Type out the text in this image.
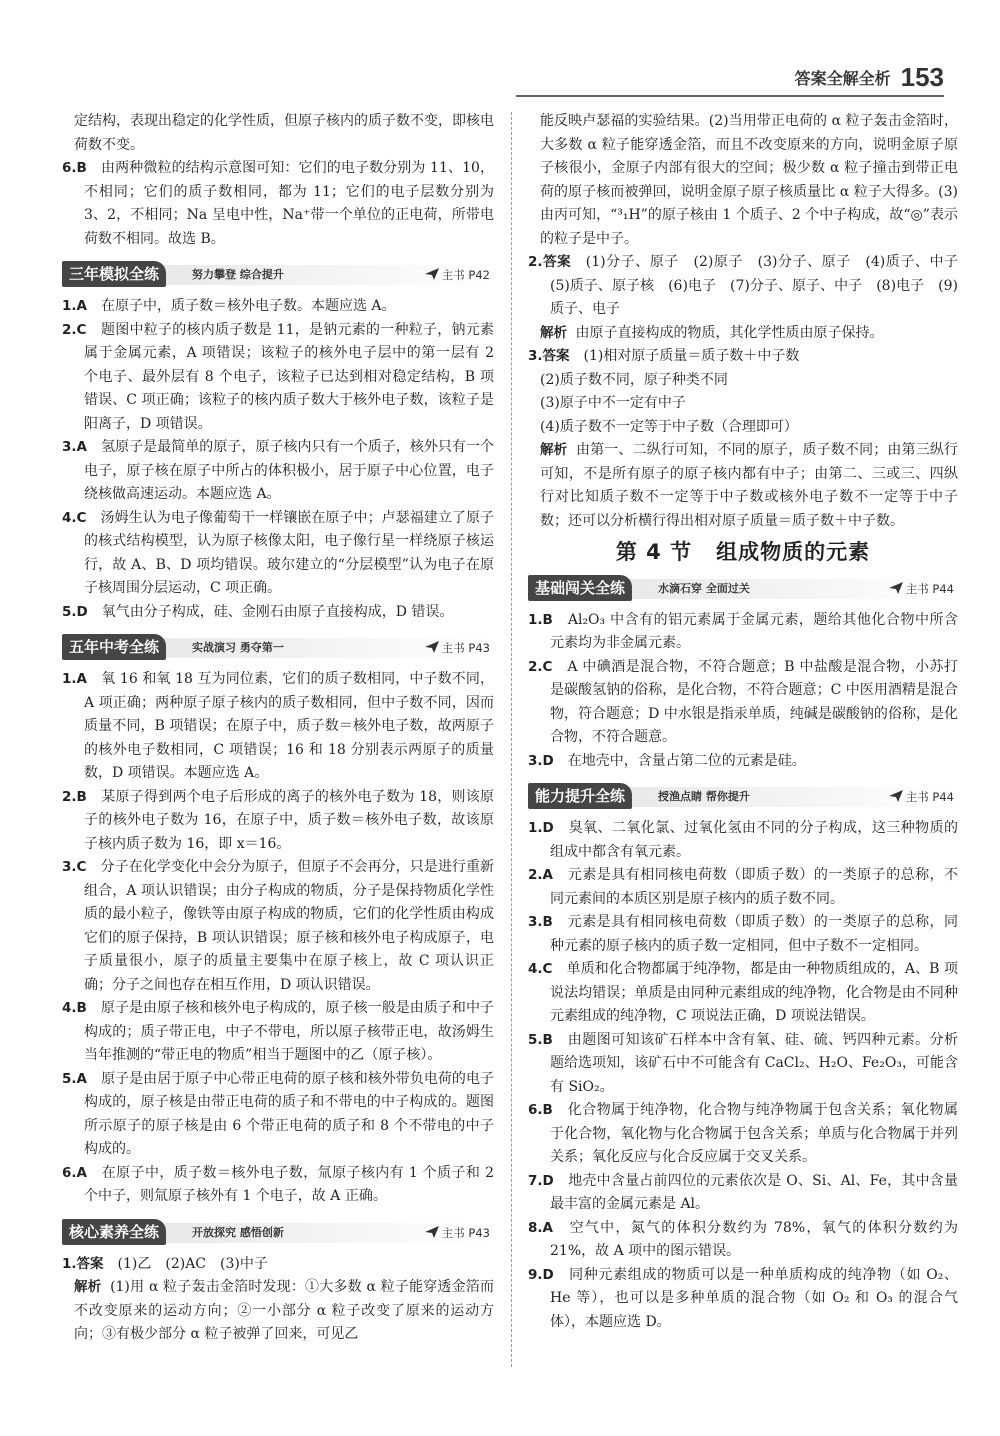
答案全解全析 153

定结构，表现出稳定的化学性质，但原子核内的质子数不变，即核电荷数不变。

6.B　 由两种微粒的结构示意图可知：它们的电子数分别为 11、10，不相同；它们的质子数相同，都为 11；它们的电子层数分别为 3、2，不相同；Na 呈电中性，Na⁺带一个单位的正电荷，所带电荷数不相同。故选 B。

三年模拟全练	努力攀登 综合提升	主书 P42

1.A　 在原子中，质子数＝核外电子数。本题应选 A。

2.C　 题图中粒子的核内质子数是 11，是钠元素的一种粒子，钠元素属于金属元素，A 项错误；该粒子的核外电子层中的第一层有 2 个电子、最外层有 8 个电子，该粒子已达到相对稳定结构，B 项错误、C 项正确；该粒子的核内质子数大于核外电子数，该粒子是阳离子，D 项错误。

3.A　 氢原子是最简单的原子，原子核内只有一个质子，核外只有一个电子，原子核在原子中所占的体积极小，居于原子中心位置，电子绕核做高速运动。本题应选 A。

4.C　 汤姆生认为电子像葡萄干一样镶嵌在原子中；卢瑟福建立了原子的核式结构模型，认为原子核像太阳，电子像行星一样绕原子核运行，故 A、B、D 项均错误。玻尔建立的“分层模型”认为电子在原子核周围分层运动，C 项正确。

5.D　 氧气由分子构成，硅、金刚石由原子直接构成，D 错误。

五年中考全练	实战演习 勇夺第一	主书 P43

1.A　 氧 16 和氧 18 互为同位素，它们的质子数相同，中子数不同，A 项正确；两种原子原子核内的质子数相同，但中子数不同，因而质量不同，B 项错误；在原子中，质子数＝核外电子数，故两原子的核外电子数相同，C 项错误；16 和 18 分别表示两原子的质量数，D 项错误。本题应选 A。

2.B　 某原子得到两个电子后形成的离子的核外电子数为 18，则该原子的核外电子数为 16，在原子中，质子数＝核外电子数，故该原子核内质子数为 16，即 x＝16。

3.C　 分子在化学变化中会分为原子，但原子不会再分，只是进行重新组合，A 项认识错误；由分子构成的物质，分子是保持物质化学性质的最小粒子，像铁等由原子构成的物质，它们的化学性质由构成它们的原子保持，B 项认识错误；原子核和核外电子构成原子，电子质量很小，原子的质量主要集中在原子核上，故 C 项认识正确；分子之间也存在相互作用，D 项认识错误。

4.B　 原子是由原子核和核外电子构成的，原子核一般是由质子和中子构成的；质子带正电，中子不带电，所以原子核带正电，故汤姆生当年推测的“带正电的物质”相当于题图中的乙（原子核）。

5.A　 原子是由居于原子中心带正电荷的原子核和核外带负电荷的电子构成的，原子核是由带正电荷的质子和不带电的中子构成的。题图所示原子的原子核是由 6 个带正电荷的质子和 8 个不带电的中子构成的。

6.A　 在原子中，质子数＝核外电子数，氚原子核内有 1 个质子和 2 个中子，则氚原子核外有 1 个电子，故 A 正确。

核心素养全练	开放探究 感悟创新	主书 P43

1.答案　 (1)乙　(2)AC　(3)中子

解析 (1)用 α 粒子轰击金箔时发现：①大多数 α 粒子能穿透金箔而不改变原来的运动方向；②一小部分 α 粒子改变了原来的运动方向；③有极少部分 α 粒子被弹了回来，可见乙

能反映卢瑟福的实验结果。(2)当用带正电荷的 α 粒子轰击金箔时，大多数 α 粒子能穿透金箔，而且不改变原来的方向，说明金原子原子核很小，金原子内部有很大的空间；极少数 α 粒子撞击到带正电荷的原子核而被弹回，说明金原子原子核质量比 α 粒子大得多。(3)由丙可知，“³₁H”的原子核由 1 个质子、2 个中子构成，故“◎”表示的粒子是中子。

2.答案　 (1)分子、原子　(2)原子　(3)分子、原子　(4)质子、中子　(5)质子、原子核　(6)电子　(7)分子、原子、中子　(8)电子　(9)质子、电子

解析 由原子直接构成的物质，其化学性质由原子保持。

3.答案　 (1)相对原子质量＝质子数＋中子数

(2)质子数不同，原子种类不同

(3)原子中不一定有中子

(4)质子数不一定等于中子数（合理即可）

解析 由第一、二纵行可知，不同的原子，质子数不同；由第三纵行可知，不是所有原子的原子核内都有中子；由第二、三或三、四纵行对比知质子数不一定等于中子数或核外电子数不一定等于中子数；还可以分析横行得出相对原子质量＝质子数＋中子数。

第 4 节 组成物质的元素
基础闯关全练	水滴石穿 全面过关	主书 P44

1.B　 Al₂O₃ 中含有的铝元素属于金属元素，题给其他化合物中所含元素均为非金属元素。

2.C　 A 中碘酒是混合物，不符合题意；B 中盐酸是混合物，小苏打是碳酸氢钠的俗称，是化合物，不符合题意；C 中医用酒精是混合物，符合题意；D 中水银是指汞单质，纯碱是碳酸钠的俗称，是化合物，不符合题意。

3.D　 在地壳中，含量占第二位的元素是硅。

能力提升全练	授渔点睛 帮你提升	主书 P44

1.D　 臭氧、二氧化氯、过氧化氢由不同的分子构成，这三种物质的组成中都含有氧元素。

2.A　 元素是具有相同核电荷数（即质子数）的一类原子的总称，不同元素间的本质区别是原子核内的质子数不同。

3.B　 元素是具有相同核电荷数（即质子数）的一类原子的总称，同种元素的原子核内的质子数一定相同，但中子数不一定相同。

4.C　 单质和化合物都属于纯净物，都是由一种物质组成的，A、B 项说法均错误；单质是由同种元素组成的纯净物，化合物是由不同种元素组成的纯净物，C 项说法正确，D 项说法错误。

5.B　 由题图可知该矿石样本中含有氧、硅、硫、钙四种元素。分析题给选项知，该矿石中不可能含有 CaCl₂、H₂O、Fe₂O₃，可能含有 SiO₂。

6.B　 化合物属于纯净物，化合物与纯净物属于包含关系；氧化物属于化合物，氧化物与化合物属于包含关系；单质与化合物属于并列关系；氧化反应与化合反应属于交叉关系。

7.D　 地壳中含量占前四位的元素依次是 O、Si、Al、Fe，其中含量最丰富的金属元素是 Al。

8.A　 空气中，氮气的体积分数约为 78%，氧气的体积分数约为 21%，故 A 项中的图示错误。

9.D　 同种元素组成的物质可以是一种单质构成的纯净物（如 O₂、He 等），也可以是多种单质的混合物（如 O₂ 和 O₃ 的混合气体），本题应选 D。
